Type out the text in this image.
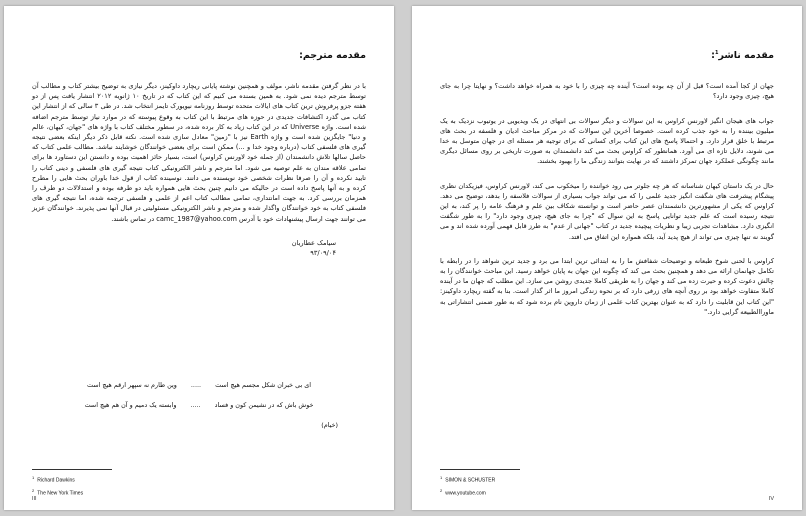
مقدمه مترجم:

با در نظر گرفتن مقدمه ناشر، مولف و همچنین نوشته پایانی ریچارد داوکینز، دیگر نیازی به توضیح بیشتر کتاب و مطالب آن توسط مترجم دیده نمی شود. به همین بسنده می کنیم که این کتاب که در تاریخ ۱۰ ژانویه ۲۰۱۲ انتشار یافت پس از دو هفته جزو پرفروش ترین کتاب های ایالات متحده توسط روزنامه نیویورک تایمز انتخاب شد. در طی ۳ سالی که از انتشار این کتاب می گذرد اکتشافات جدیدی در حوزه های مرتبط با این کتاب به وقوع پیوسته که در موارد نیاز توسط مترجم اضافه شده است. واژه Universe که در این کتاب زیاد به کار برده شده، در سطور مختلف کتاب با واژه های "جهان، کیهان، عالم و دنیا" جایگزین شده است و واژه Earth نیز با "زمین" معادل سازی شده است. نکته قابل ذکر دیگر اینکه بعضی نتیجه گیری های فلسفی کتاب (درباره وجود خدا و ...) ممکن است برای بعضی خوانندگان خوشایند نباشد. مطالب علمی کتاب که حاصل سالها تلاش دانشمندان (از جمله خود لاورنس کراوس) است، بسیار حائز اهمیت بوده و دانستن این دستاورد ها برای تمامی علاقه مندان به علم توصیه می شود. اما مترجم و ناشر الکترونیکی کتاب نتیجه گیری های فلسفی و دینی کتاب را تایید نکرده و آن را صرفا نظرات شخصی خود نویسنده می دانند. نوسینده کتاب از قول خدا باوران بحث هایی را مطرح کرده و به آنها پاسخ داده است در حالیکه می دانیم چنین بحث هایی همواره باید دو طرفه بوده و استدلالات دو طرف را همزمان بررسی کرد. به جهت امانتداری، تمامی مطالب کتاب اعم از علمی و فلسفی ترجمه شده، اما نتیجه گیری های فلسفی کتاب به خود خوانندگان واگذار شده و مترجم و ناشر الکترونیکی مسئولیتی در قبال آنها نمی پذیرند. خوانندگان عزیز می توانند جهت ارسال پیشنهادات خود با آدرس camc_1987@yahoo.com در تماس باشند.

سیامک عطاریان
۹۳/۰۹/۰۴
ای بی خبران شکل مجسم هیچ است
.....
وین طارم نه سپهر ارقم هیچ است
خوش باش که در نشیمن کون و فساد
.....
وابسته یک دمیم و آن هم هیچ است
(خیام)
$^1$Richard Dawkins
$^2$The New York Times
III
مقدمه ناشر$^1$:

جهان از کجا آمده است؟ قبل از آن چه بوده است؟ آینده چه چیزی را با خود به همراه خواهد داشت؟ و نهایتا چرا به جای هیچ، چیزی وجود دارد؟

جواب های هیجان انگیز لاورنس کراوس به این سوالات و دیگر سوالات بی انتهای در یک ویدیویی در یوتیوب نزدیک به یک میلیون بیننده را به خود جذب کرده است. خصوصا آخرین این سوالات که در مرکز مباحث ادیان و فلسفه در بحث های مرتبط با خلق قرار دارد. و احتمالا پاسخ های این کتاب برای کسانی که برای توجیه هر مسئله ای در جهان متوسل به خدا می شوند، دلایل تازه ای می آورد. همانطور که کراوس بحث می کند دانشمندان به صورت تاریخی بر روی مسائل دیگری مانند چگونگی عملکرد جهان تمرکز داشتند که در نهایت بتوانند زندگی ما را بهبود بخشند.

حال در یک داستان کیهان شناسانه که هر چه جلوتر می رود خواننده را میخکوب می کند، لاورنس کراوس، فیزیکدان نظری پیشگام پیشرفت های شگفت انگیز جدید علمی را که می تواند جواب بسیاری از سوالات فلاسفه را بدهد، توضیح می دهد. کراوس که یکی از مشهورترین دانشمندان عصر حاضر است و توانسته شکاف بین علم و فرهنگ عامه را پر کند، به این نتیجه رسیده است که علم جدید توانایی پاسخ به این سوال که "چرا به جای هیچ، چیزی وجود دارد" را به طور شگفت انگیزی دارد. مشاهدات تجربی زیبا و نظریات پیچیده جدید در کتاب "جهانی از عدم" به طرز قابل فهمی آورده شده اند و می گویند نه تنها چیزی می تواند از هیچ پدید آید، بلکه همواره این اتفاق می افتد.

کراوس با لحنی شوخ طبعانه و توضیحات شفافش ما را به ابتدائی ترین ابتدا می برد و جدید ترین شواهد را در رابطه با تکامل جهانمان ارائه می دهد و همچنین بحث می کند که چگونه این جهان به پایان خواهد رسید. این مباحث خوانندگان را به چالش دعوت کرده و حیرت زده می کند و جهان را به طریقی کاملا جدیدی روشن می سازد. این مطلب که جهان ما در آینده کاملا متفاوت خواهد بود بر روی آنچه های زرفی دارد که بر نحوه زندگی امروز ما اثر گذار است. بنا به گفته ریچارد داوکینز: "این کتاب این قابلیت را دارد که به عنوان بهترین کتاب علمی از زمان داروین نام برده شود که به طور ضمنی انتشاراتی به ماوراالطبیعه گرایی دارد."

$^1$SIMON & SCHUSTER
$^2$www.youtube.com
IV
